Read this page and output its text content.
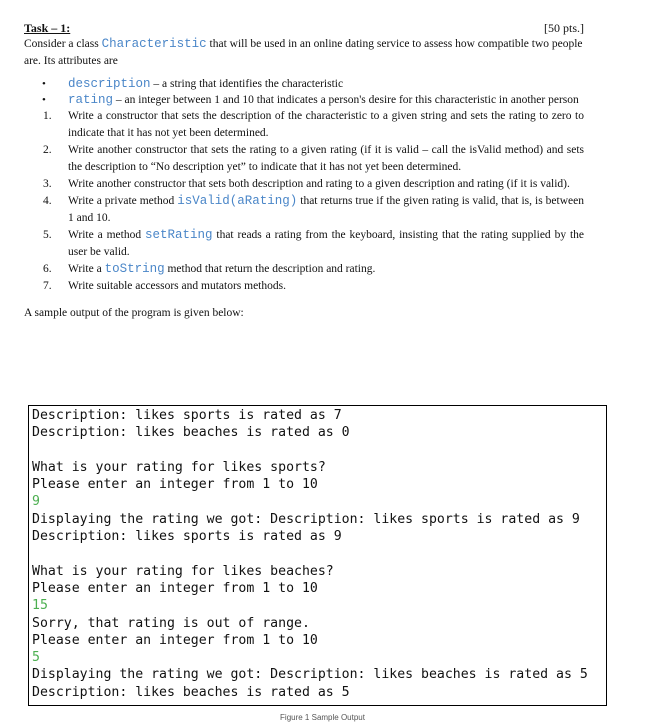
Task – 1:	[50 pts.]

Consider a class Characteristic that will be used in an online dating service to assess how compatible two people are. Its attributes are

• description – a string that identifies the characteristic
• rating – an integer between 1 and 10 that indicates a person's desire for this characteristic in another person
1. Write a constructor that sets the description of the characteristic to a given string and sets the rating to zero to indicate that it has not yet been determined.
2. Write another constructor that sets the rating to a given rating (if it is valid – call the isValid method) and sets the description to “No description yet” to indicate that it has not yet been determined.
3. Write another constructor that sets both description and rating to a given description and rating (if it is valid).
4. Write a private method isValid(aRating) that returns true if the given rating is valid, that is, is between 1 and 10.
5. Write a method setRating that reads a rating from the keyboard, insisting that the rating supplied by the user be valid.
6. Write a toString method that return the description and rating.
7. Write suitable accessors and mutators methods.
A sample output of the program is given below:
Description: likes sports is rated as 7
Description: likes beaches is rated as 0
What is your rating for likes sports?
Please enter an integer from 1 to 10
9
Displaying the rating we got: Description: likes sports is rated as 9
Description: likes sports is rated as 9
What is your rating for likes beaches?
Please enter an integer from 1 to 10
15
Sorry, that rating is out of range.
Please enter an integer from 1 to 10
5
Displaying the rating we got: Description: likes beaches is rated as 5
Description: likes beaches is rated as 5
Figure 1 Sample Output
